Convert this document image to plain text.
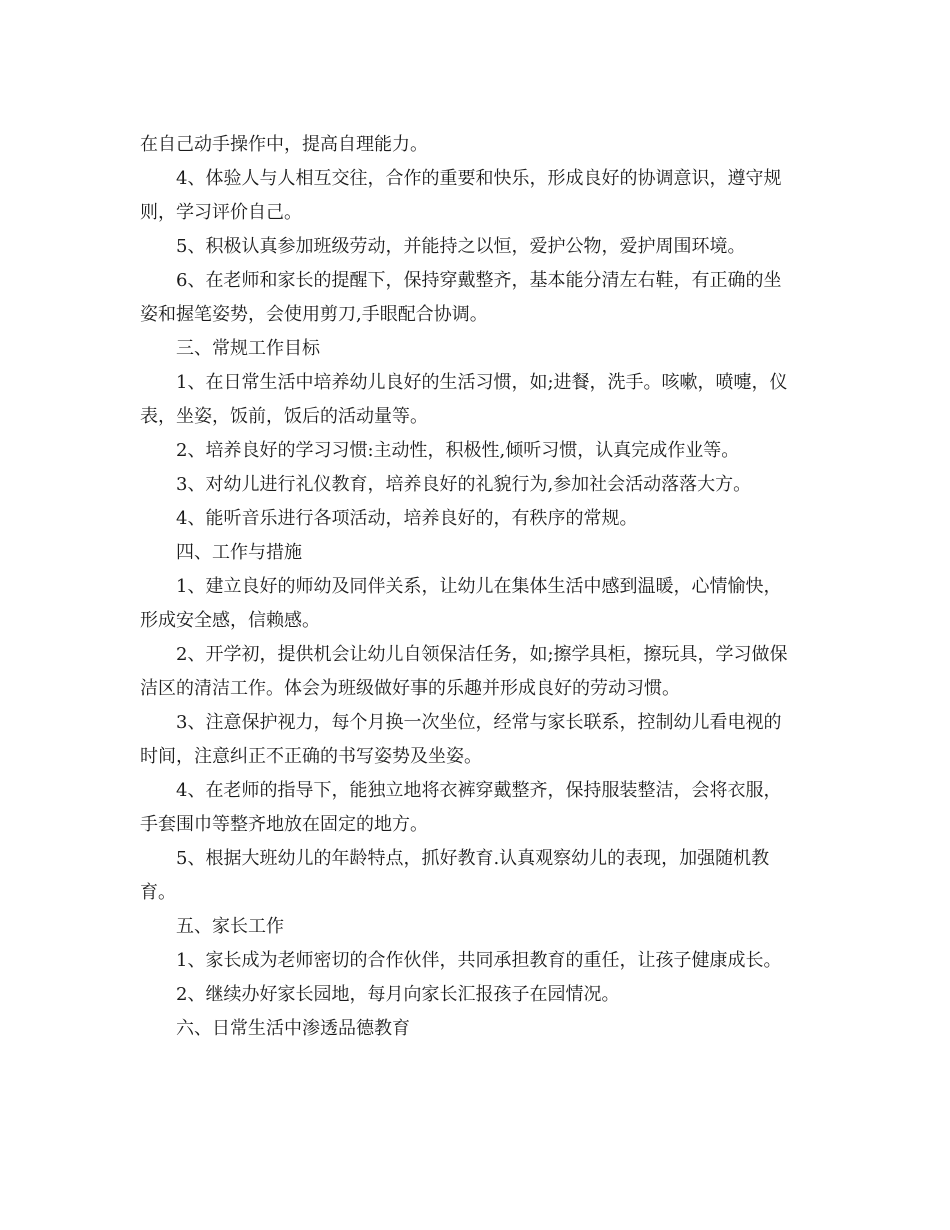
在自己动手操作中，提高自理能力。
4、体验人与人相互交往，合作的重要和快乐，形成良好的协调意识，遵守规
则，学习评价自己。
5、积极认真参加班级劳动，并能持之以恒，爱护公物，爱护周围环境。
6、在老师和家长的提醒下，保持穿戴整齐，基本能分清左右鞋，有正确的坐
姿和握笔姿势，会使用剪刀,手眼配合协调。
三、常规工作目标
1、在日常生活中培养幼儿良好的生活习惯，如;进餐，洗手。咳嗽，喷嚏，仪
表，坐姿，饭前，饭后的活动量等。
2、培养良好的学习习惯:主动性，积极性,倾听习惯，认真完成作业等。
3、对幼儿进行礼仪教育，培养良好的礼貌行为,参加社会活动落落大方。
4、能听音乐进行各项活动，培养良好的，有秩序的常规。
四、工作与措施
1、建立良好的师幼及同伴关系，让幼儿在集体生活中感到温暖，心情愉快，
形成安全感，信赖感。
2、开学初，提供机会让幼儿自领保洁任务，如;擦学具柜，擦玩具，学习做保
洁区的清洁工作。体会为班级做好事的乐趣并形成良好的劳动习惯。
3、注意保护视力，每个月换一次坐位，经常与家长联系，控制幼儿看电视的
时间，注意纠正不正确的书写姿势及坐姿。
4、在老师的指导下，能独立地将衣裤穿戴整齐，保持服装整洁，会将衣服，
手套围巾等整齐地放在固定的地方。
5、根据大班幼儿的年龄特点，抓好教育.认真观察幼儿的表现，加强随机教
育。
五、家长工作
1、家长成为老师密切的合作伙伴，共同承担教育的重任，让孩子健康成长。
2、继续办好家长园地，每月向家长汇报孩子在园情况。
六、日常生活中渗透品德教育
